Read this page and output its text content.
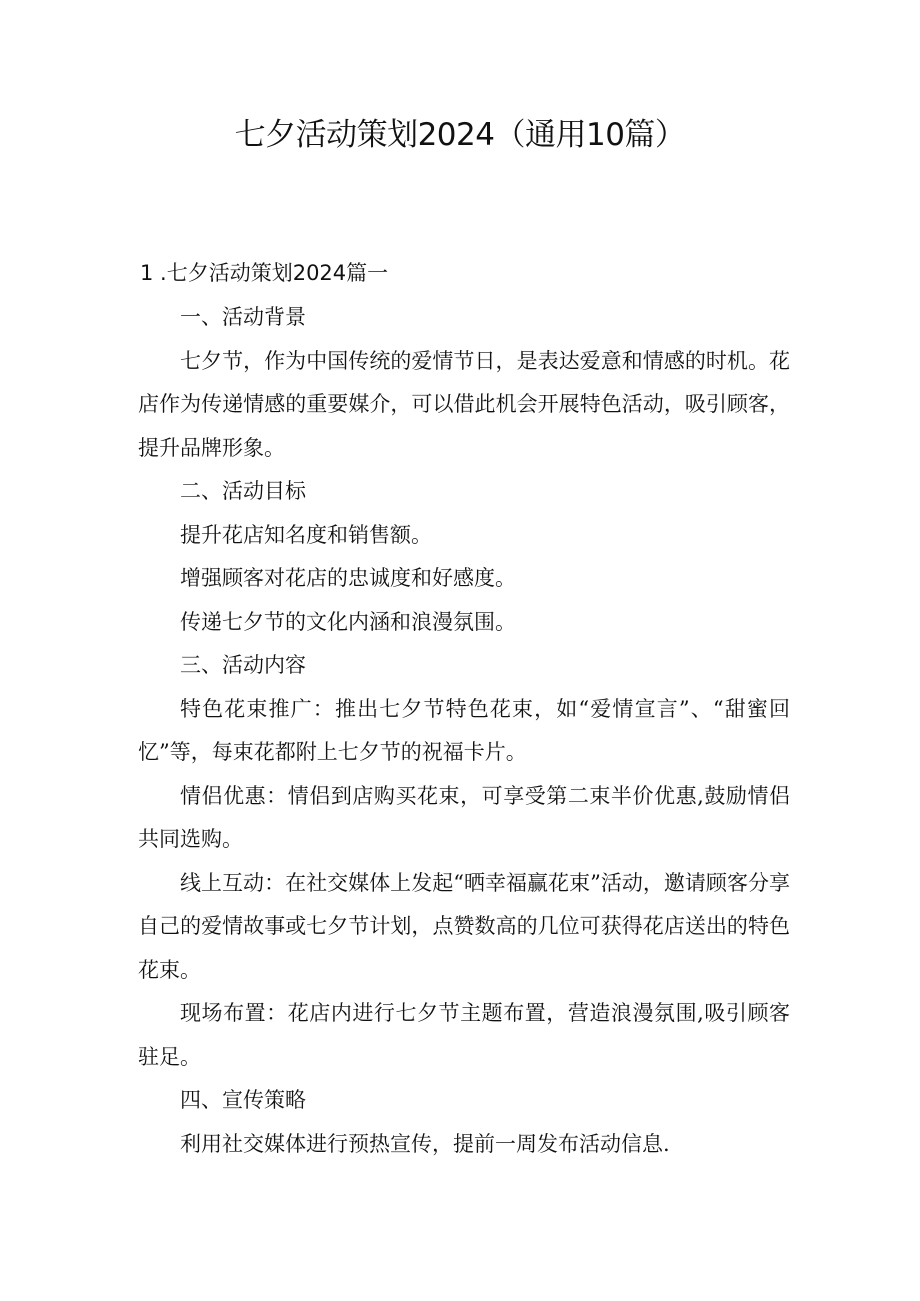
七夕活动策划2024（通用10篇）
1 .七夕活动策划2024篇一

一、活动背景

七夕节，作为中国传统的爱情节日，是表达爱意和情感的时机。花店作为传递情感的重要媒介，可以借此机会开展特色活动，吸引顾客，提升品牌形象。

二、活动目标

提升花店知名度和销售额。

增强顾客对花店的忠诚度和好感度。

传递七夕节的文化内涵和浪漫氛围。

三、活动内容

特色花束推广：推出七夕节特色花束，如“爱情宣言”、“甜蜜回忆”等，每束花都附上七夕节的祝福卡片。

情侣优惠：情侣到店购买花束，可享受第二束半价优惠,鼓励情侣共同选购。

线上互动：在社交媒体上发起“晒幸福赢花束”活动，邀请顾客分享自己的爱情故事或七夕节计划，点赞数高的几位可获得花店送出的特色花束。

现场布置：花店内进行七夕节主题布置，营造浪漫氛围,吸引顾客驻足。

四、宣传策略

利用社交媒体进行预热宣传，提前一周发布活动信息.
